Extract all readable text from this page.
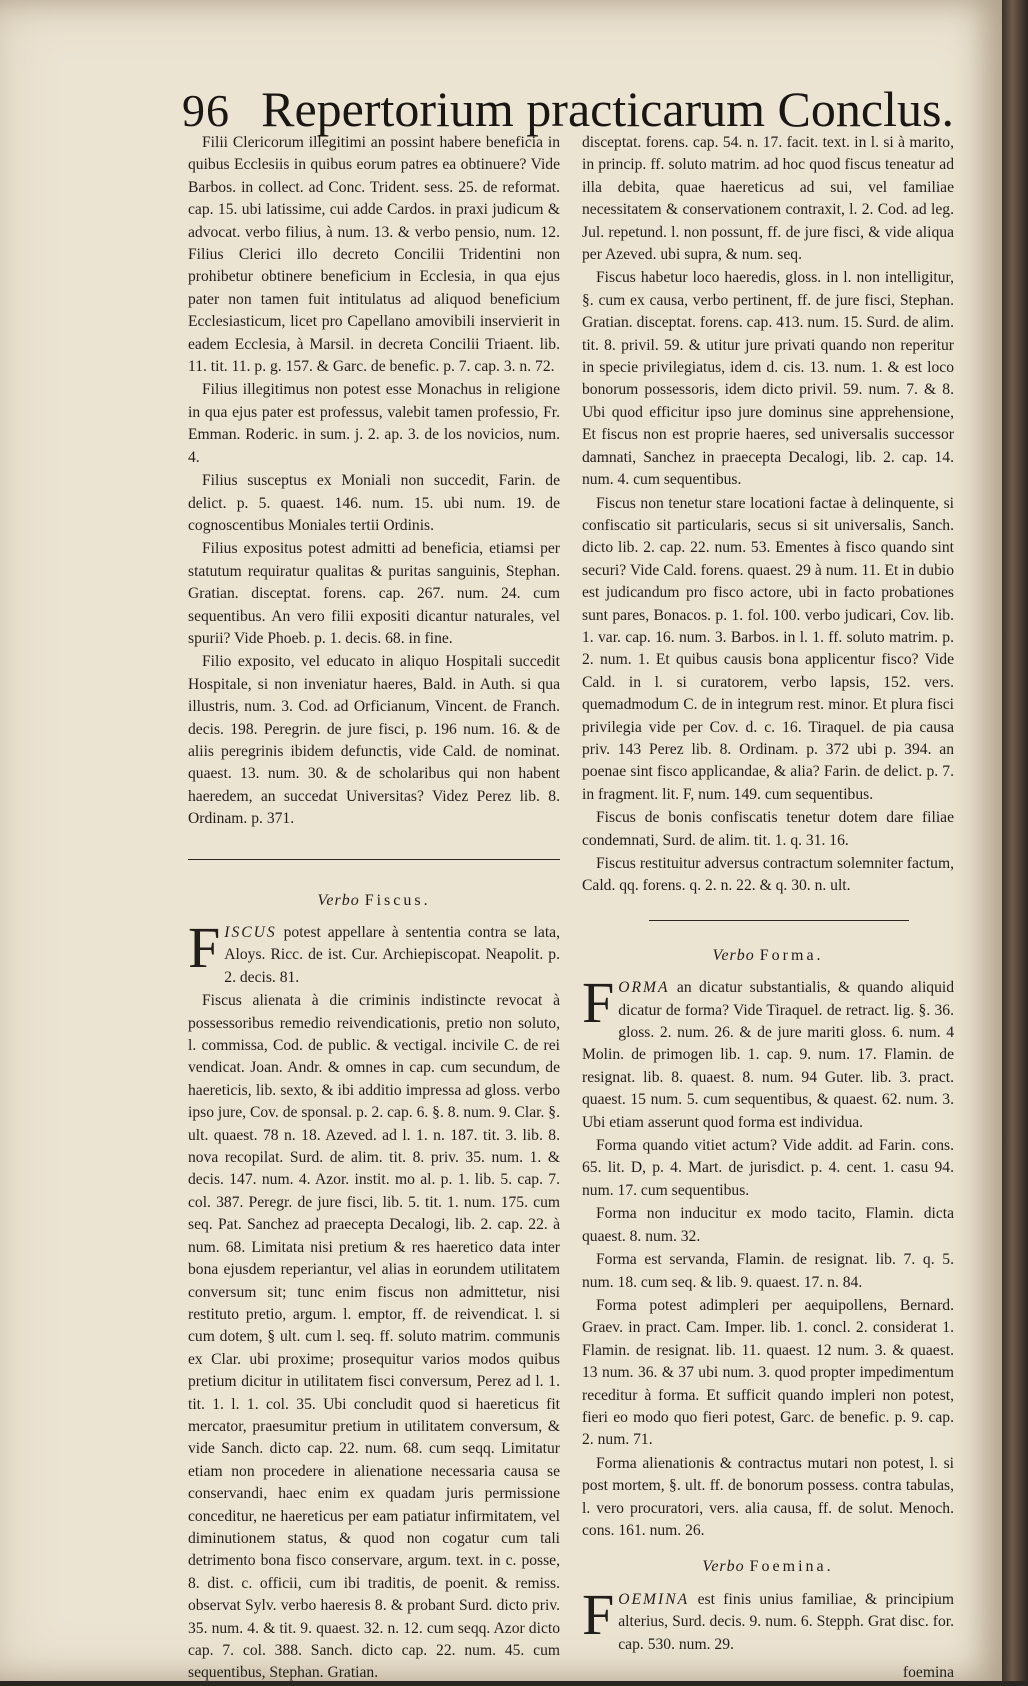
96 Repertorium practicarum Conclus.

Filii Clericorum illegitimi an possint habere beneficia in quibus Ecclesiis in quibus eorum patres ea obtinuere? Vide Barbos. in collect. ad Conc. Trident. sess. 25. de reformat. cap. 15. ubi latissime, cui adde Cardos. in praxi judicum & advocat. verbo filius, à num. 13. & verbo pensio, num. 12. Filius Clerici illo decreto Concilii Tridentini non prohibetur obtinere beneficium in Ecclesia, in qua ejus pater non tamen fuit intitulatus ad aliquod beneficium Ecclesiasticum, licet pro Capellano amovibili inservierit in eadem Ecclesia, à Marsil. in decreta Concilii Triaent. lib. 11. tit. 11. p. g. 157. & Garc. de benefic. p. 7. cap. 3. n. 72.

Filius illegitimus non potest esse Monachus in religione in qua ejus pater est professus, valebit tamen professio, Fr. Emman. Roderic. in sum. j. 2. ap. 3. de los novicios, num. 4.

Filius susceptus ex Moniali non succedit, Farin. de delict. p. 5. quaest. 146. num. 15. ubi num. 19. de cognoscentibus Moniales tertii Ordinis.

Filius expositus potest admitti ad beneficia, etiamsi per statutum requiratur qualitas & puritas sanguinis, Stephan. Gratian. disceptat. forens. cap. 267. num. 24. cum sequentibus. An vero filii expositi dicantur naturales, vel spurii? Vide Phoeb. p. 1. decis. 68. in fine.

Filio exposito, vel educato in aliquo Hospitali succedit Hospitale, si non inveniatur haeres, Bald. in Auth. si qua illustris, num. 3. Cod. ad Orficianum, Vincent. de Franch. decis. 198. Peregrin. de jure fisci, p. 196 num. 16. & de aliis peregrinis ibidem defunctis, vide Cald. de nominat. quaest. 13. num. 30. & de scholaribus qui non habent haeredem, an succedat Universitas? Videz Perez lib. 8. Ordinam. p. 371.

Verbo Fiscus.

FISCUS potest appellare à sententia contra se lata, Aloys. Ricc. de ist. Cur. Archiepiscopat. Neapolit. p. 2. decis. 81.

Fiscus alienata à die criminis indistincte revocat à possessoribus remedio reivendicationis, pretio non soluto, l. commissa, Cod. de public. & vectigal. incivile C. de rei vendicat. Joan. Andr. & omnes in cap. cum secundum, de haereticis, lib. sexto, & ibi additio impressa ad gloss. verbo ipso jure, Cov. de sponsal. p. 2. cap. 6. §. 8. num. 9. Clar. §. ult. quaest. 78 n. 18. Azeved. ad l. 1. n. 187. tit. 3. lib. 8. nova recopilat. Surd. de alim. tit. 8. priv. 35. num. 1. & decis. 147. num. 4. Azor. instit. mo al. p. 1. lib. 5. cap. 7. col. 387. Peregr. de jure fisci, lib. 5. tit. 1. num. 175. cum seq. Pat. Sanchez ad praecepta Decalogi, lib. 2. cap. 22. à num. 68. Limitata nisi pretium & res haeretico data inter bona ejusdem reperiantur, vel alias in eorundem utilitatem conversum sit; tunc enim fiscus non admittetur, nisi restituto pretio, argum. l. emptor, ff. de reivendicat. l. si cum dotem, § ult. cum l. seq. ff. soluto matrim. communis ex Clar. ubi proxime; prosequitur varios modos quibus pretium dicitur in utilitatem fisci conversum, Perez ad l. 1. tit. 1. l. 1. col. 35. Ubi concludit quod si haereticus fit mercator, praesumitur pretium in utilitatem conversum, & vide Sanch. dicto cap. 22. num. 68. cum seqq. Limitatur etiam non procedere in alienatione necessaria causa se conservandi, haec enim ex quadam juris permissione conceditur, ne haereticus per eam patiatur infirmitatem, vel diminutionem status, & quod non cogatur cum tali detrimento bona fisco conservare, argum. text. in c. posse, 8. dist. c. officii, cum ibi traditis, de poenit. & remiss. observat Sylv. verbo haeresis 8. & probant Surd. dicto priv. 35. num. 4. & tit. 9. quaest. 32. n. 12. cum seqq. Azor dicto cap. 7. col. 388. Sanch. dicto cap. 22. num. 45. cum sequentibus, Stephan. Gratian.

disceptat. forens. cap. 54. n. 17. facit. text. in l. si à marito, in princip. ff. soluto matrim. ad hoc quod fiscus teneatur ad illa debita, quae haereticus ad sui, vel familiae necessitatem & conservationem contraxit, l. 2. Cod. ad leg. Jul. repetund. l. non possunt, ff. de jure fisci, & vide aliqua per Azeved. ubi supra, & num. seq.

Fiscus habetur loco haeredis, gloss. in l. non intelligitur, §. cum ex causa, verbo pertinent, ff. de jure fisci, Stephan. Gratian. disceptat. forens. cap. 413. num. 15. Surd. de alim. tit. 8. privil. 59. & utitur jure privati quando non reperitur in specie privilegiatus, idem d. cis. 13. num. 1. & est loco bonorum possessoris, idem dicto privil. 59. num. 7. & 8. Ubi quod efficitur ipso jure dominus sine apprehensione, Et fiscus non est proprie haeres, sed universalis successor damnati, Sanchez in praecepta Decalogi, lib. 2. cap. 14. num. 4. cum sequentibus.

Fiscus non tenetur stare locationi factae à delinquente, si confiscatio sit particularis, secus si sit universalis, Sanch. dicto lib. 2. cap. 22. num. 53. Ementes à fisco quando sint securi? Vide Cald. forens. quaest. 29 à num. 11. Et in dubio est judicandum pro fisco actore, ubi in facto probationes sunt pares, Bonacos. p. 1. fol. 100. verbo judicari, Cov. lib. 1. var. cap. 16. num. 3. Barbos. in l. 1. ff. soluto matrim. p. 2. num. 1. Et quibus causis bona applicentur fisco? Vide Cald. in l. si curatorem, verbo lapsis, 152. vers. quemadmodum C. de in integrum rest. minor. Et plura fisci privilegia vide per Cov. d. c. 16. Tiraquel. de pia causa priv. 143 Perez lib. 8. Ordinam. p. 372 ubi p. 394. an poenae sint fisco applicandae, & alia? Farin. de delict. p. 7. in fragment. lit. F, num. 149. cum sequentibus.

Fiscus de bonis confiscatis tenetur dotem dare filiae condemnati, Surd. de alim. tit. 1. q. 31. 16.

Fiscus restituitur adversus contractum solemniter factum, Cald. qq. forens. q. 2. n. 22. & q. 30. n. ult.

Verbo Forma.

FORMA an dicatur substantialis, & quando aliquid dicatur de forma? Vide Tiraquel. de retract. lig. §. 36. gloss. 2. num. 26. & de jure mariti gloss. 6. num. 4 Molin. de primogen lib. 1. cap. 9. num. 17. Flamin. de resignat. lib. 8. quaest. 8. num. 94 Guter. lib. 3. pract. quaest. 15 num. 5. cum sequentibus, & quaest. 62. num. 3. Ubi etiam asserunt quod forma est individua.

Forma quando vitiet actum? Vide addit. ad Farin. cons. 65. lit. D, p. 4. Mart. de jurisdict. p. 4. cent. 1. casu 94. num. 17. cum sequentibus.

Forma non inducitur ex modo tacito, Flamin. dicta quaest. 8. num. 32.

Forma est servanda, Flamin. de resignat. lib. 7. q. 5. num. 18. cum seq. & lib. 9. quaest. 17. n. 84.

Forma potest adimpleri per aequipollens, Bernard. Graev. in pract. Cam. Imper. lib. 1. concl. 2. considerat 1. Flamin. de resignat. lib. 11. quaest. 12 num. 3. & quaest. 13 num. 36. & 37 ubi num. 3. quod propter impedimentum receditur à forma. Et sufficit quando impleri non potest, fieri eo modo quo fieri potest, Garc. de benefic. p. 9. cap. 2. num. 71.

Forma alienationis & contractus mutari non potest, l. si post mortem, §. ult. ff. de bonorum possess. contra tabulas, l. vero procuratori, vers. alia causa, ff. de solut. Menoch. cons. 161. num. 26.

Verbo Foemina.

FOEMINA est finis unius familiae, & principium alterius, Surd. decis. 9. num. 6. Stepph. Grat disc. for. cap. 530. num. 29.

foemina
